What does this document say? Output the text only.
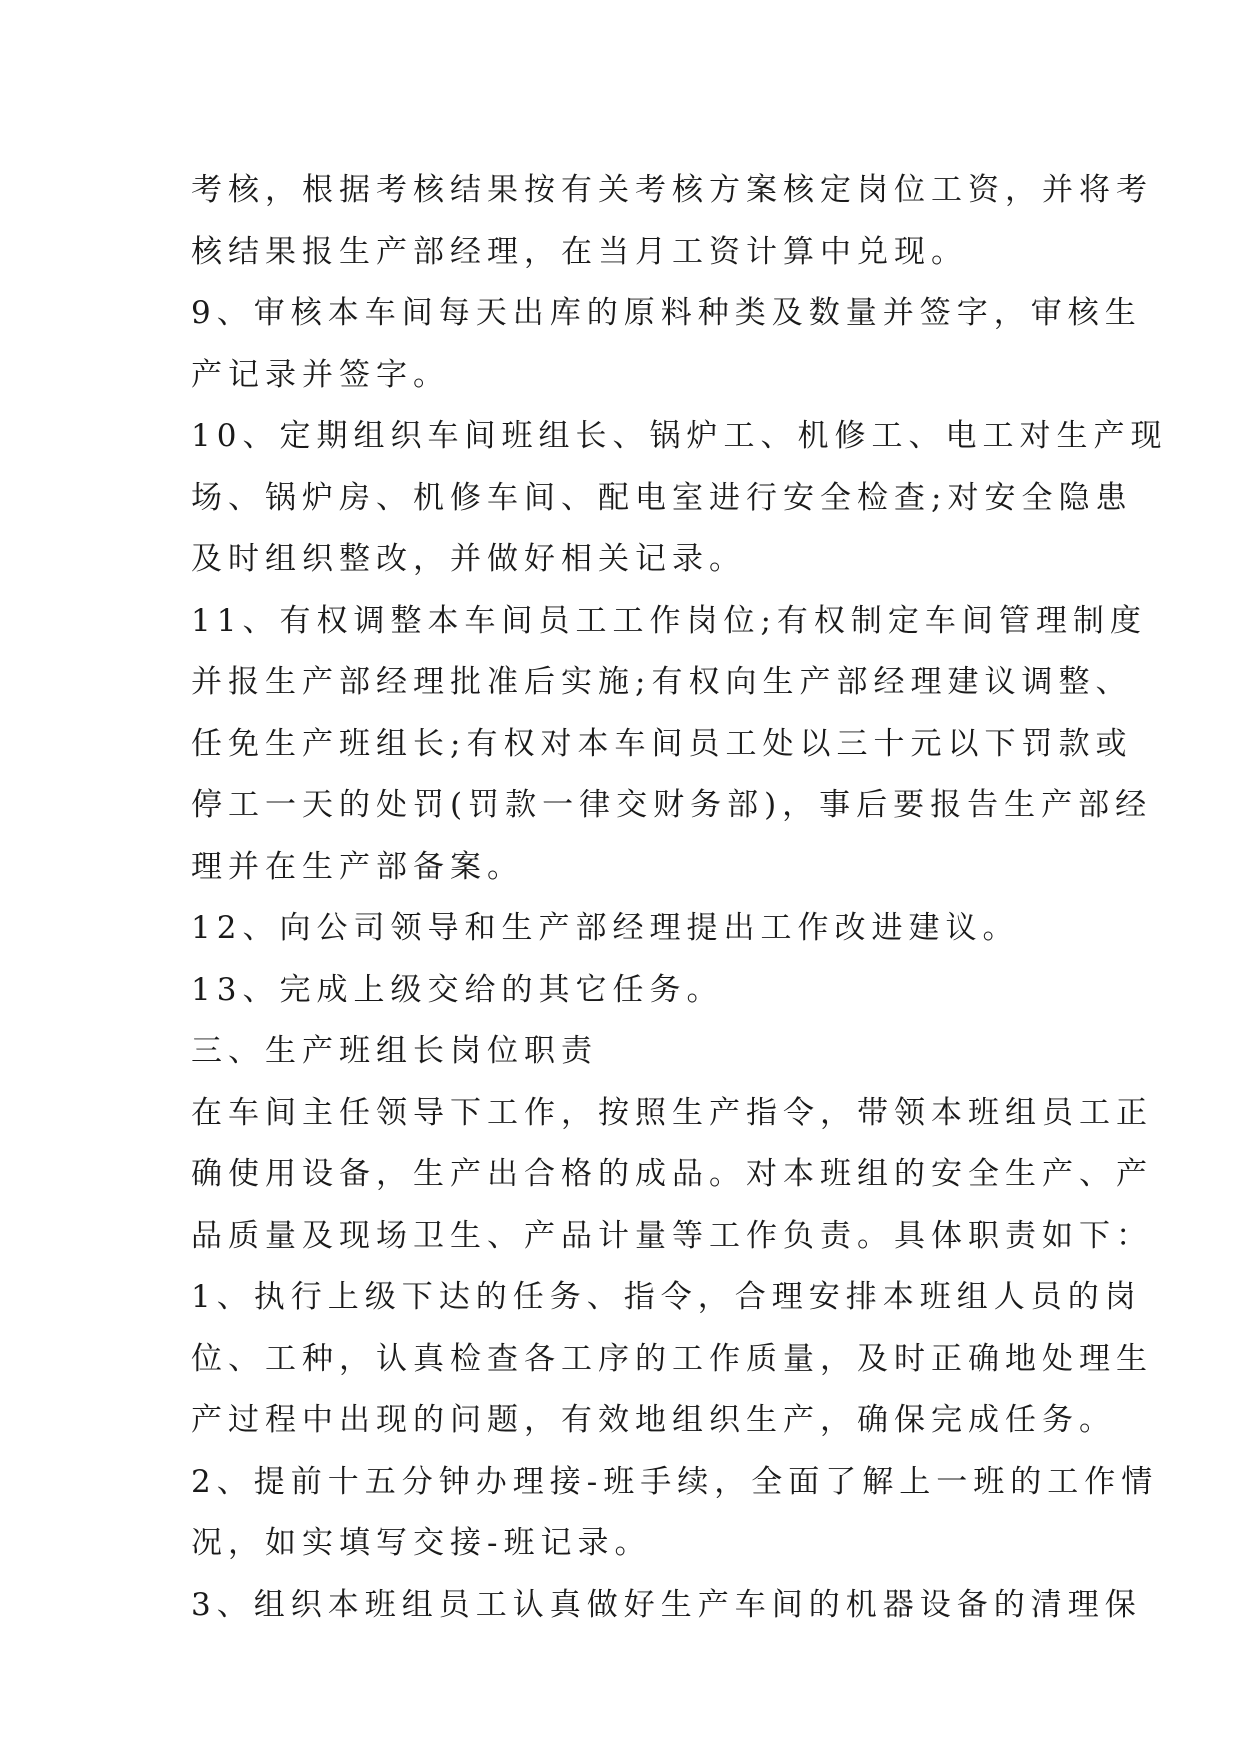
考核，根据考核结果按有关考核方案核定岗位工资，并将考
核结果报生产部经理，在当月工资计算中兑现。
9、审核本车间每天出库的原料种类及数量并签字，审核生
产记录并签字。
10、定期组织车间班组长、锅炉工、机修工、电工对生产现
场、锅炉房、机修车间、配电室进行安全检查;对安全隐患
及时组织整改，并做好相关记录。
11、有权调整本车间员工工作岗位;有权制定车间管理制度
并报生产部经理批准后实施;有权向生产部经理建议调整、
任免生产班组长;有权对本车间员工处以三十元以下罚款或
停工一天的处罚(罚款一律交财务部)，事后要报告生产部经
理并在生产部备案。
12、向公司领导和生产部经理提出工作改进建议。
13、完成上级交给的其它任务。
三、生产班组长岗位职责
在车间主任领导下工作，按照生产指令，带领本班组员工正
确使用设备，生产出合格的成品。对本班组的安全生产、产
品质量及现场卫生、产品计量等工作负责。具体职责如下：
1、执行上级下达的任务、指令，合理安排本班组人员的岗
位、工种，认真检查各工序的工作质量，及时正确地处理生
产过程中出现的问题，有效地组织生产，确保完成任务。
2、提前十五分钟办理接-班手续，全面了解上一班的工作情
况，如实填写交接-班记录。
3、组织本班组员工认真做好生产车间的机器设备的清理保
